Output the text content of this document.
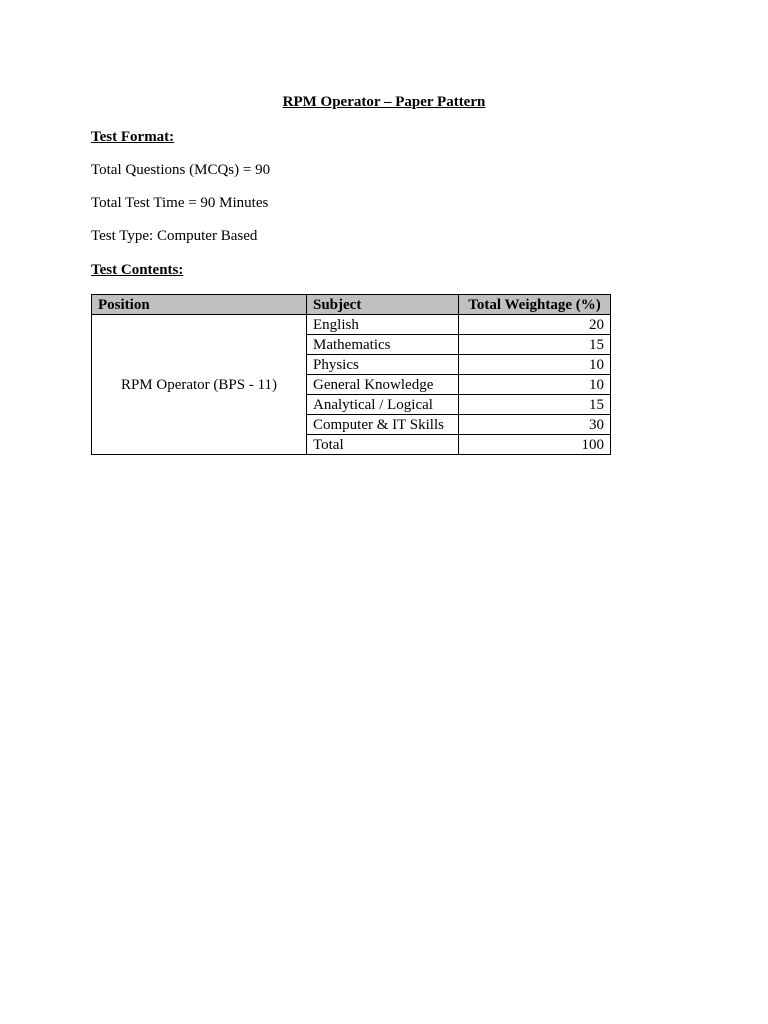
RPM Operator – Paper Pattern
Test Format:
Total Questions (MCQs) = 90
Total Test Time = 90 Minutes
Test Type: Computer Based
Test Contents:
Position	Subject	Total Weightage (%)
RPM Operator (BPS - 11)	English	20
	Mathematics	15
	Physics	10
	General Knowledge	10
	Analytical / Logical	15
	Computer & IT Skills	30
	Total	100
